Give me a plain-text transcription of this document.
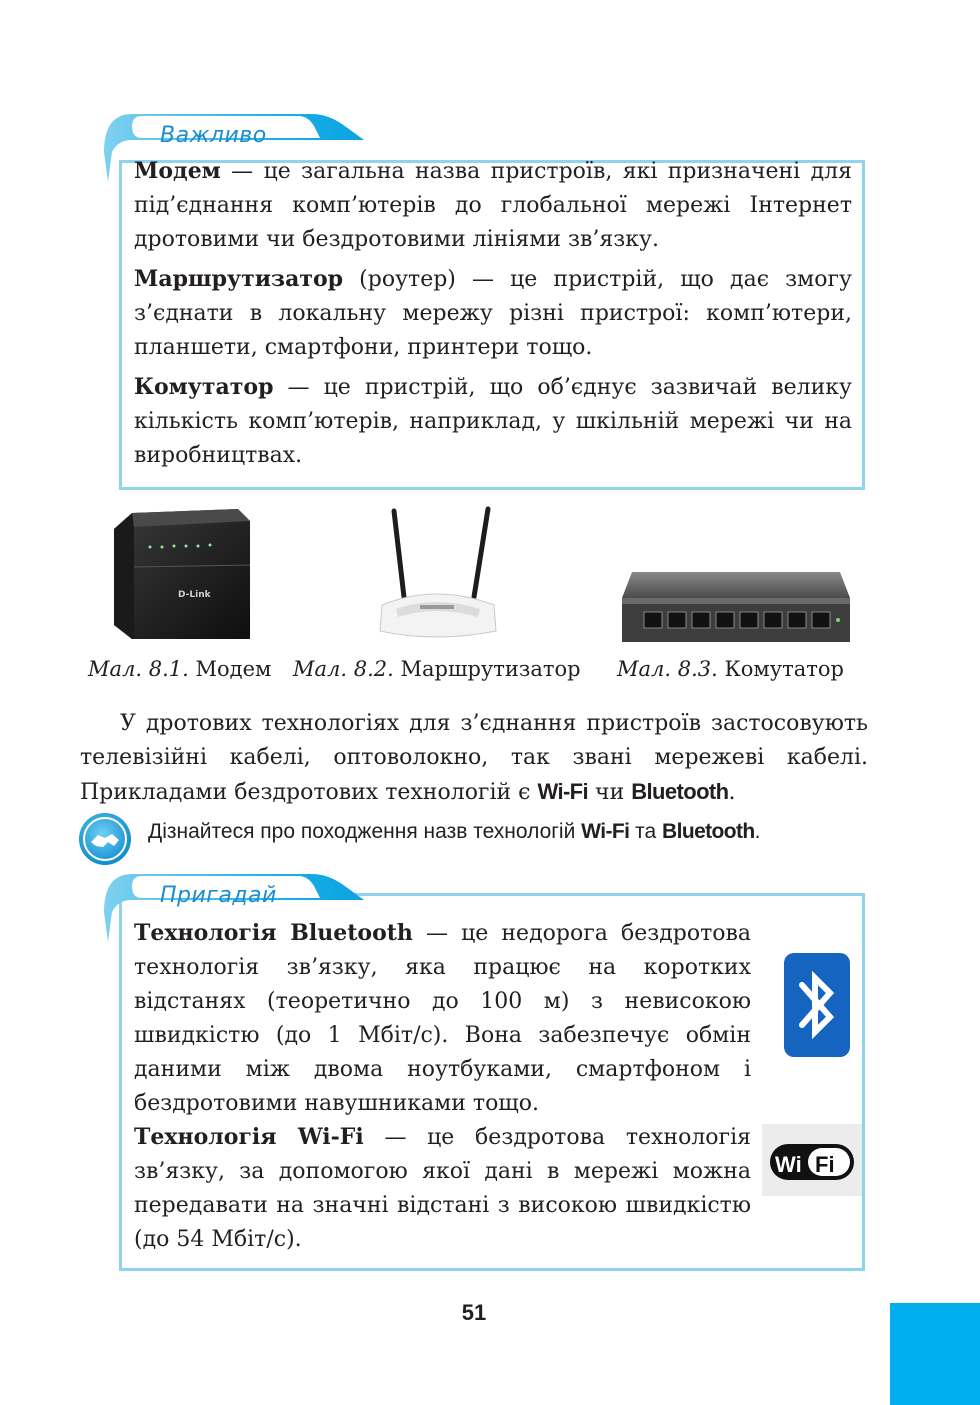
Важливо

Модем — це загальна назва пристроїв, які призначені для під’єднання комп’ютерів до глобальної мережі Інтернет дротовими чи бездротовими лініями зв’язку.

Маршрутизатор (роутер) — це пристрій, що дає змогу з’єднати в локальну мережу різні пристрої: комп’ютери, планшети, смартфони, принтери тощо.

Комутатор — це пристрій, що об’єднує зазвичай велику кількість комп’ютерів, наприклад, у шкільній мережі чи на виробництвах.

D-Link
Мал. 8.1. Модем Мал. 8.2. Маршрутизатор Мал. 8.3. Комутатор

У дротових технологіях для з’єднання пристроїв застосовують телевізійні кабелі, оптоволокно, так звані мережеві кабелі. Прикладами бездротових технологій є Wi-Fi чи Bluetooth.

Дізнайтеся про походження назв технологій Wi-Fi та Bluetooth.
Пригадай

Технологія Bluetooth — це недорога бездротова технологія зв’язку, яка працює на коротких відстанях (теоретично до 100 м) з невисокою швидкістю (до 1 Мбіт/с). Вона забезпечує обмін даними між двома ноутбуками, смартфоном і бездротовими навушниками тощо.

Технологія Wi-Fi — це бездротова технологія зв’язку, за допомогою якої дані в мережі можна передавати на значні відстані з високою швидкістю (до 54 Мбіт/с).

Wi Fi
51
